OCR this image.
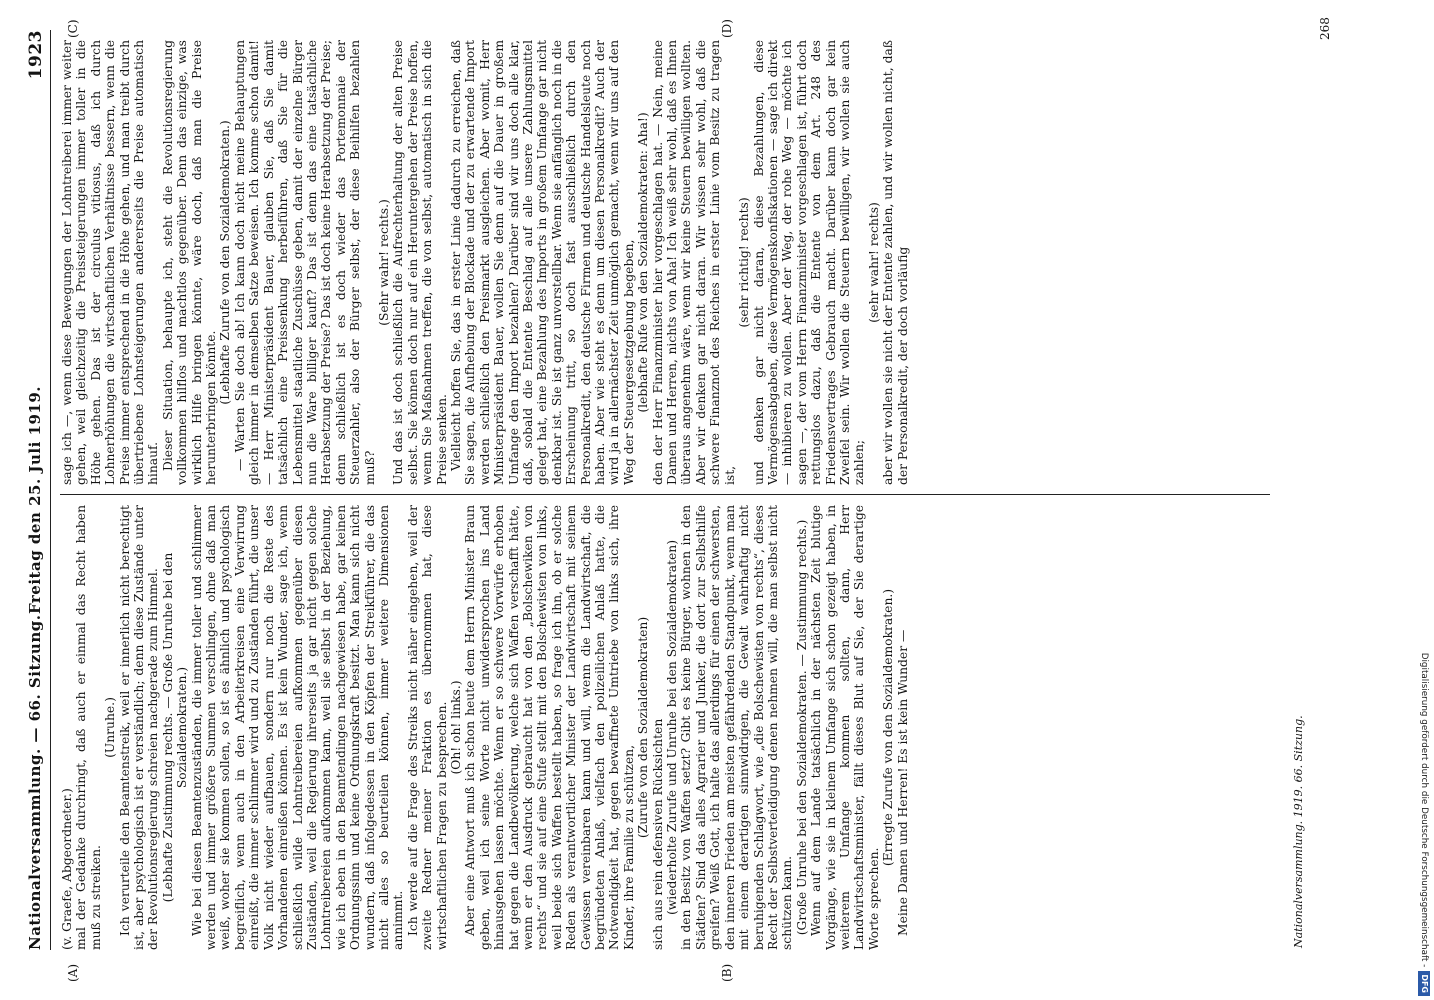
Nationalversammlung. — 66. Sitzung.
Freitag den 25. Juli 1919.
1923
(A)	(B)
(C)	(D)

(v. Graefe, Abgeordneter.) mal der Gedanke durchringt, daß auch er einmal das Recht haben muß zu streiken.

(Unruhe.) Ich verurteile den Beamtenstreik, weil er innerlich nicht berechtigt ist, aber psychologisch ist er verständlich; denn diese Zustände unter der Revolutionsregierung schreien nachgerade zum Himmel. (Lebhafte Zustimmung rechts. — Große Unruhe bei den Sozialdemokraten.) Wie bei diesen Beamtenzuständen, die immer toller und schlimmer werden und immer größere Summen verschlingen, ohne daß man weiß, woher sie kommen sollen, so ist es ähnlich und psychologisch begreiflich, wenn auch in den Arbeiterkreisen eine Verwirrung einreißt, die immer schlimmer wird und zu Zuständen führt, die unser Volk nicht wieder aufbauen, sondern nur noch die Reste des Vorhandenen einreißen können. Es ist kein Wunder, sage ich, wenn schließlich wilde Lohntreibereien aufkommen gegenüber diesen Zuständen, weil die Regierung ihrerseits ja gar nicht gegen solche Lohntreibereien aufkommen kann, weil sie selbst in der Beziehung, wie ich eben in den Beamtendingen nachgewiesen habe, gar keinen Ordnungssinn und keine Ordnungskraft besitzt. Man kann sich nicht wundern, daß infolgedessen in den Köpfen der Streikführer, die das nicht alles so beurteilen können, immer weitere Dimensionen annimmt. Ich werde auf die Frage des Streiks nicht näher eingehen, weil der zweite Redner meiner Fraktion es übernommen hat, diese wirtschaftlichen Fragen zu besprechen. (Oh! oh! links.) Aber eine Antwort muß ich schon heute dem Herrn Minister Braun geben, weil ich seine Worte nicht unwidersprochen ins Land hinausgehen lassen möchte. Wenn er so schwere Vorwürfe erhoben hat gegen die Landbevölkerung, welche sich Waffen verschafft hätte, wenn er den Ausdruck gebraucht hat von den „Bolschewiken von rechts“ und sie auf eine Stufe stellt mit den Bolschewisten von links, weil beide sich Waffen bestellt haben, so frage ich ihn, ob er solche Reden als verantwortlicher Minister der Landwirtschaft mit seinem Gewissen vereinbaren kann und will, wenn die Landwirtschaft, die begründeten Anlaß, vielfach den polizeilichen Anlaß hatte, die Notwendigkeit hat, gegen bewaffnete Umtriebe von links sich, ihre Kinder, ihre Familie zu schützen,

(Zurufe von den Sozialdemokraten) sich aus rein defensiven Rücksichten (wiederholte Zurufe und Unruhe bei den Sozialdemokraten) in den Besitz von Waffen setzt? Gibt es keine Bürger, wohnen in den Städten? Sind das alles Agrarier und Junker, die dort zur Selbsthilfe greifen? Weiß Gott, ich halte das allerdings für einen der schwersten, den inneren Frieden am meisten gefährdenden Standpunkt, wenn man mit einem derartigen sinnwidrigen, die Gewalt wahrhaftig nicht beruhigenden Schlagwort, wie „die Bolschewisten von rechts“, dieses Recht der Selbstverteidigung denen nehmen will, die man selbst nicht schützen kann. (Große Unruhe bei den Sozialdemokraten. — Zustimmung rechts.) Wenn auf dem Lande tatsächlich in der nächsten Zeit blutige Vorgänge, wie sie in kleinem Umfange sich schon gezeigt haben, in weiterem Umfange kommen sollten, dann, Herr Landwirtschaftsminister, fällt dieses Blut auf Sie, der Sie derartige Worte sprechen.

(Erregte Zurufe von den Sozialdemokraten.) Meine Damen und Herren! Es ist kein Wunder —

sage ich —, wenn diese Bewegungen der Lohntreiberei immer weiter gehen, weil gleichzeitig die Preissteigerungen immer toller in die Höhe gehen. Das ist der circulus vitiosus, daß ich durch Lohnerhöhungen die wirtschaftlichen Verhältnisse bessern, wenn die Preise immer entsprechend in die Höhe gehen, und man treibt durch übertriebene Lohnsteigerungen andererseits die Preise automatisch hinauf. Dieser Situation, behaupte ich, steht die Revolutionsregierung vollkommen hilflos und machtlos gegenüber. Denn das einzige, was wirklich Hilfe bringen könnte, wäre doch, daß man die Preise herunterbringen könnte.

(Lebhafte Zurufe von den Sozialdemokraten.) — Warten Sie doch ab! Ich kann doch nicht meine Behauptungen gleich immer in demselben Satze beweisen. Ich komme schon damit! — Herr Ministerpräsident Bauer, glauben Sie, daß Sie damit tatsächlich eine Preissenkung herbeiführen, daß Sie für die Lebensmittel staatliche Zuschüsse geben, damit der einzelne Bürger nun die Ware billiger kauft? Das ist denn das eine tatsächliche Herabsetzung der Preise? Das ist doch keine Herabsetzung der Preise; denn schließlich ist es doch wieder das Portemonnaie der Steuerzahler, also der Bürger selbst, der diese Beihilfen bezahlen muß?

(Sehr wahr! rechts.) Und das ist doch schließlich die Aufrechterhaltung der alten Preise selbst. Sie können doch nur auf ein Heruntergehen der Preise hoffen, wenn Sie Maßnahmen treffen, die von selbst, automatisch in sich die Preise senken. Vielleicht hoffen Sie, das in erster Linie dadurch zu erreichen, daß Sie sagen, die Aufhebung der Blockade und der zu erwartende Import werden schließlich den Preismarkt ausgleichen. Aber womit, Herr Ministerpräsident Bauer, wollen Sie denn auf die Dauer in großem Umfange den Import bezahlen? Darüber sind wir uns doch alle klar, daß, sobald die Entente Beschlag auf alle unsere Zahlungsmittel gelegt hat, eine Bezahlung des Imports in großem Umfange gar nicht denkbar ist. Sie ist ganz unvorstellbar. Wenn sie anfänglich noch in die Erscheinung tritt, so doch fast ausschließlich durch den Personalkredit, den deutsche Firmen und deutsche Handelsleute noch haben. Aber wie steht es denn um diesen Personalkredit? Auch der wird ja in allernächster Zeit unmöglich gemacht, wenn wir uns auf den Weg der Steuergesetzgebung begeben, (lebhafte Rufe von den Sozialdemokraten: Aha!) den der Herr Finanzminister hier vorgeschlagen hat. — Nein, meine Damen und Herren, nichts von Aha! Ich weiß sehr wohl, daß es Ihnen überaus angenehm wäre, wenn wir keine Steuern bewilligen wollten. Aber wir denken gar nicht daran. Wir wissen sehr wohl, daß die schwere Finanznot des Reiches in erster Linie vom Besitz zu tragen ist,

(sehr richtig! rechts) und denken gar nicht daran, diese Bezahlungen, diese Vermögensabgaben, diese Vermögenskonfiskationen — sage ich direkt — inhibieren zu wollen. Aber der Weg, der rohe Weg — möchte ich sagen —, der vom Herrn Finanzminister vorgeschlagen ist, führt doch rettungslos dazu, daß die Entente von dem Art. 248 des Friedensvertrages Gebrauch macht. Darüber kann doch gar kein Zweifel sein. Wir wollen die Steuern bewilligen, wir wollen sie auch zahlen;

(sehr wahr! rechts) aber wir wollen sie nicht der Entente zahlen, und wir wollen nicht, daß der Personalkredit, der doch vorläufig

Nationalversammlung. 1919. 66. Sitzung.
268
Digitalisierung gefördert durch die Deutsche Forschungsgemeinschaft -DFG
